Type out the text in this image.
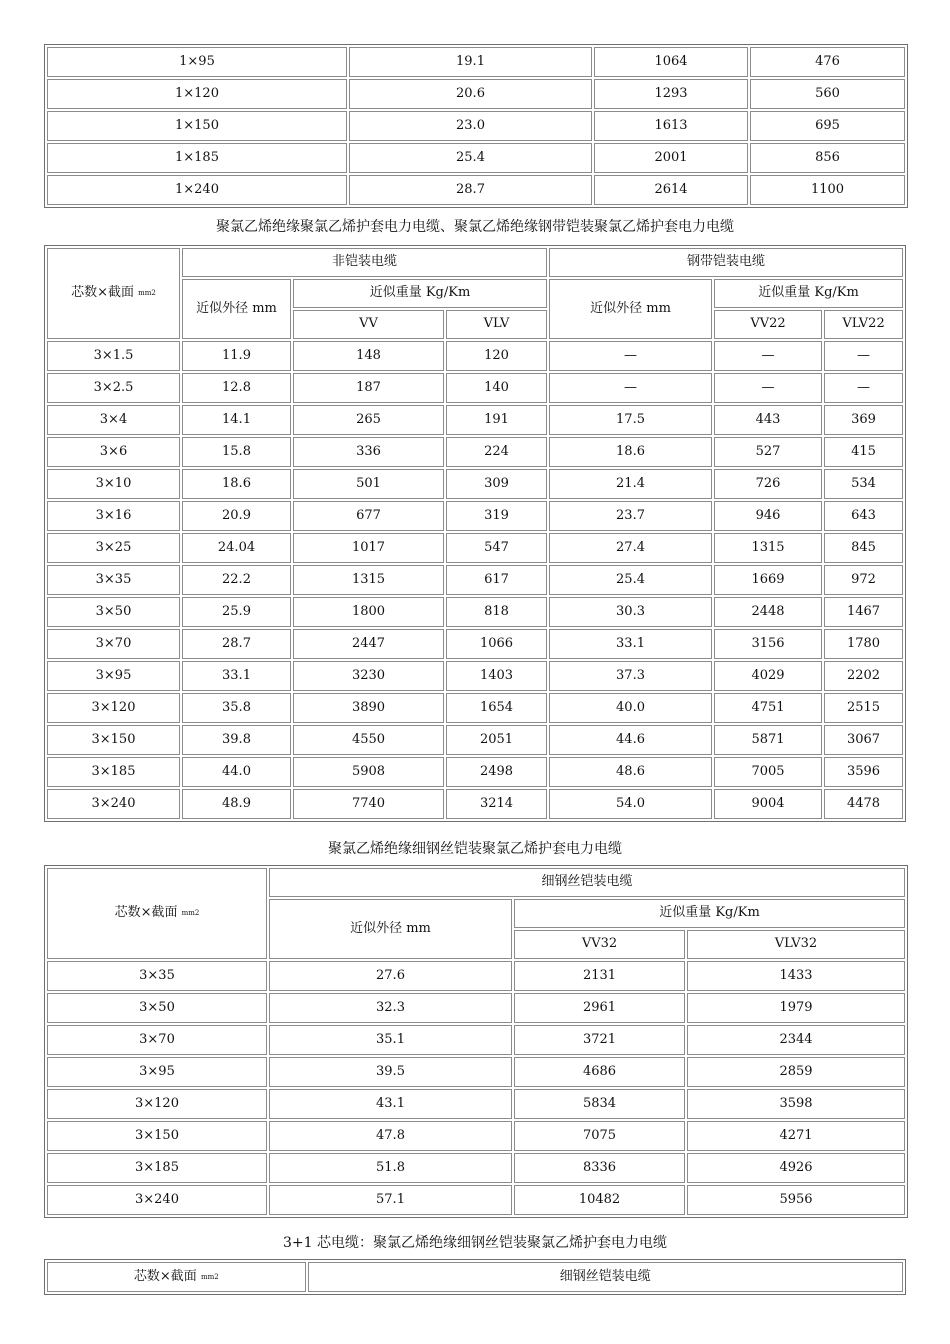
1×95	19.1	1064	476
1×120	20.6	1293	560
1×150	23.0	1613	695
1×185	25.4	2001	856
1×240	28.7	2614	1100
聚氯乙烯绝缘聚氯乙烯护套电力电缆、聚氯乙烯绝缘钢带铠装聚氯乙烯护套电力电缆
芯数×截面 $_{mm2}$	非铠装电缆			钢带铠装电缆		
	近似外径 mm	近似重量 Kg/Km		近似外径 mm	近似重量 Kg/Km	
		VV	VLV		VV22	VLV22
3×1.5	11.9	148	120	—	—	—
3×2.5	12.8	187	140	—	—	—
3×4	14.1	265	191	17.5	443	369
3×6	15.8	336	224	18.6	527	415
3×10	18.6	501	309	21.4	726	534
3×16	20.9	677	319	23.7	946	643
3×25	24.04	1017	547	27.4	1315	845
3×35	22.2	1315	617	25.4	1669	972
3×50	25.9	1800	818	30.3	2448	1467
3×70	28.7	2447	1066	33.1	3156	1780
3×95	33.1	3230	1403	37.3	4029	2202
3×120	35.8	3890	1654	40.0	4751	2515
3×150	39.8	4550	2051	44.6	5871	3067
3×185	44.0	5908	2498	48.6	7005	3596
3×240	48.9	7740	3214	54.0	9004	4478
聚氯乙烯绝缘细钢丝铠装聚氯乙烯护套电力电缆
芯数×截面 $_{mm2}$	细钢丝铠装电缆		
	近似外径 mm	近似重量 Kg/Km	
		VV32	VLV32
3×35	27.6	2131	1433
3×50	32.3	2961	1979
3×70	35.1	3721	2344
3×95	39.5	4686	2859
3×120	43.1	5834	3598
3×150	47.8	7075	4271
3×185	51.8	8336	4926
3×240	57.1	10482	5956
3+1 芯电缆：聚氯乙烯绝缘细钢丝铠装聚氯乙烯护套电力电缆
芯数×截面 $_{mm2}$	细钢丝铠装电缆
